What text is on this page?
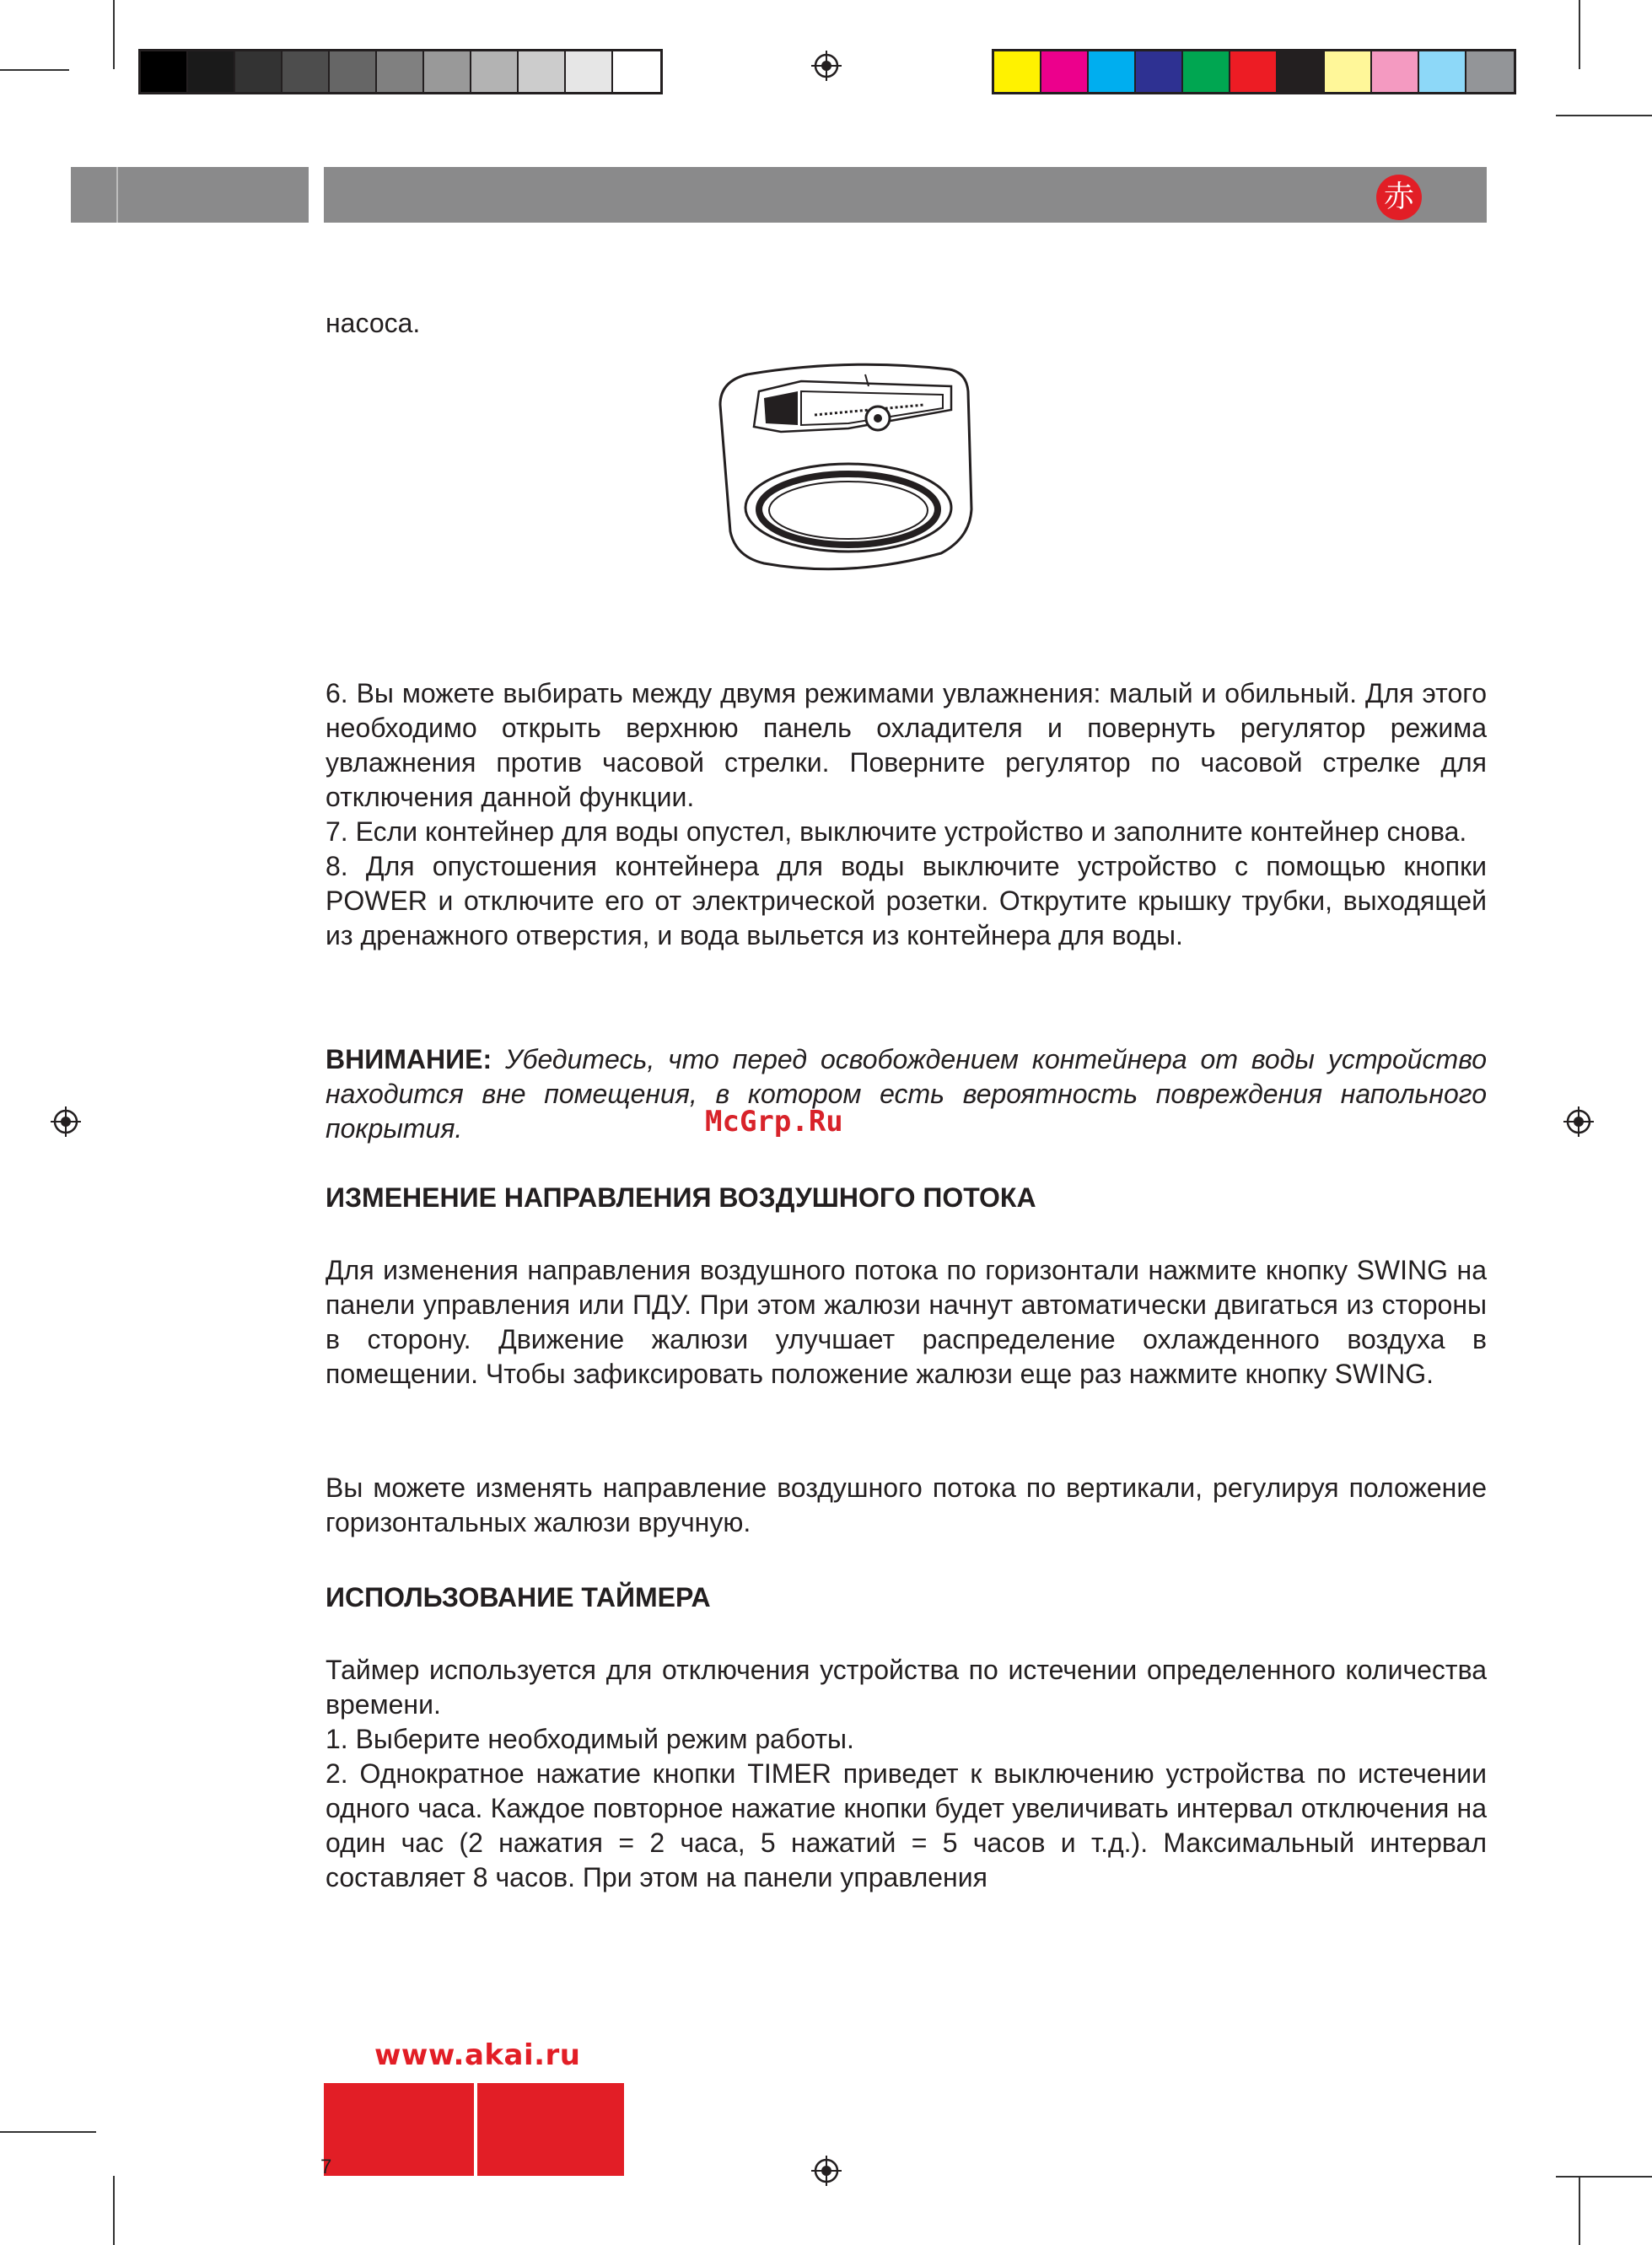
赤
насоса.

6. Вы можете выбирать между двумя режимами увлажнения: малый и обильный. Для этого необходимо открыть верхнюю панель охладителя и повернуть регулятор режима увлажнения против часовой стрелки. Поверните регулятор по часовой стрелке для отключения данной функции.

7. Если контейнер для воды опустел, выключите устройство и заполните контейнер снова.

8. Для опустошения контейнера для воды выключите устройство с помощью кнопки POWER и отключите его от электрической розетки. Открутите крышку трубки, выходящей из дренажного отверстия, и вода выльется из контейнера для воды.

ВНИМАНИЕ: Убедитесь, что перед освобождением контейнера от воды устройство находится вне помещения, в котором есть вероятность повреждения напольного покрытия.	McGrp.Ru
ИЗМЕНЕНИЕ НАПРАВЛЕНИЯ ВОЗДУШНОГО ПОТОКА
Для изменения направления воздушного потока по горизонтали нажмите кнопку SWING на панели управления или ПДУ. При этом жалюзи начнут автоматически двигаться из стороны в сторону. Движение жалюзи улучшает распределение охлажденного воздуха в помещении. Чтобы зафиксировать положение жалюзи еще раз нажмите кнопку SWING.
Вы можете изменять направление воздушного потока по вертикали, регулируя положение горизонтальных жалюзи вручную.
ИСПОЛЬЗОВАНИЕ ТАЙМЕРА
Таймер используется для отключения устройства по истечении определенного количества времени.
1. Выберите необходимый режим работы.
2. Однократное нажатие кнопки TIMER приведет к выключению устройства по истечении одного часа. Каждое повторное нажатие кнопки будет увеличивать интервал отключения на один час (2 нажатия = 2 часа, 5 нажатий = 5 часов и т.д.). Максимальный интервал составляет 8 часов. При этом на панели управления
www.akai.ru
7
